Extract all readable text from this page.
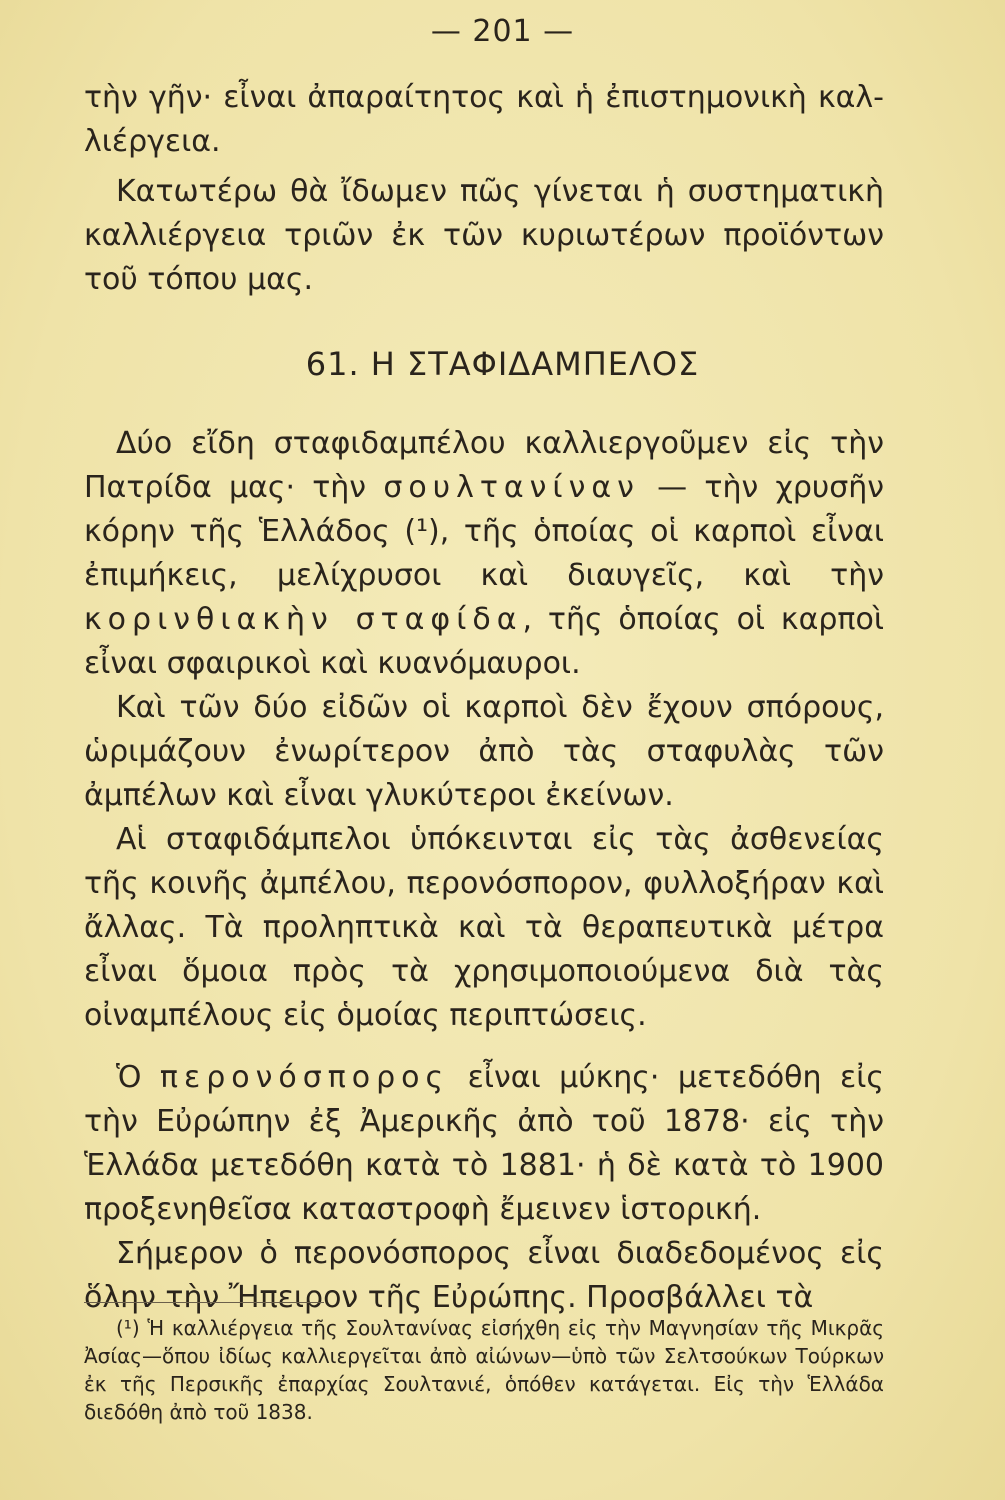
— 201 —

τὴν γῆν· εἶναι ἀπαραίτητος καὶ ἡ ἐπιστημονικὴ καλ- λιέργεια.

Κατωτέρω θὰ ἴδωμεν πῶς γίνεται ἡ συστηματικὴ καλλιέργεια τριῶν ἐκ τῶν κυριωτέρων προϊόντων τοῦ τόπου μας.

61. Η ΣΤΑΦΙΔΑΜΠΕΛΟΣ

Δύο εἴδη σταφιδαμπέλου καλλιεργοῦμεν εἰς τὴν Πατρίδα μας· τὴν σουλτανίναν — τὴν χρυσῆν κόρην τῆς Ἑλλάδος (¹), τῆς ὁποίας οἱ καρποὶ εἶναι ἐπιμήκεις, μελίχρυσοι καὶ διαυγεῖς, καὶ τὴν κορινθιακὴν σταφίδα, τῆς ὁποίας οἱ καρποὶ εἶναι σφαιρικοὶ καὶ κυανόμαυροι.

Καὶ τῶν δύο εἰδῶν οἱ καρποὶ δὲν ἔχουν σπόρους, ὡριμάζουν ἐνωρίτερον ἀπὸ τὰς σταφυλὰς τῶν ἀμπέλων καὶ εἶναι γλυκύτεροι ἐκείνων.

Αἱ σταφιδάμπελοι ὑπόκεινται εἰς τὰς ἀσθενείας τῆς κοινῆς ἀμπέλου, περονόσπορον, φυλλοξήραν καὶ ἄλλας. Τὰ προληπτικὰ καὶ τὰ θεραπευτικὰ μέτρα εἶναι ὅμοια πρὸς τὰ χρησιμοποιούμενα διὰ τὰς οἰναμπέλους εἰς ὁμοίας περιπτώσεις.

Ὁ περονόσπορος εἶναι μύκης· μετεδόθη εἰς τὴν Εὐρώπην ἐξ Ἀμερικῆς ἀπὸ τοῦ 1878· εἰς τὴν Ἑλλάδα μετεδόθη κατὰ τὸ 1881· ἡ δὲ κατὰ τὸ 1900 προξενηθεῖσα καταστροφὴ ἔμεινεν ἱστορική.

Σήμερον ὁ περονόσπορος εἶναι διαδεδομένος εἰς ὅλην τὴν Ἤπειρον τῆς Εὐρώπης. Προσβάλλει τὰ

(¹) Ἡ καλλιέργεια τῆς Σουλτανίνας εἰσήχθη εἰς τὴν Μαγνησίαν τῆς Μικρᾶς Ἀσίας—ὅπου ἰδίως καλλιεργεῖται ἀπὸ αἰώνων—ὑπὸ τῶν Σελτσούκων Τούρκων ἐκ τῆς Περσικῆς ἐπαρχίας Σουλτανιέ, ὁπόθεν κατάγεται. Εἰς τὴν Ἑλλάδα διεδόθη ἀπὸ τοῦ 1838.
